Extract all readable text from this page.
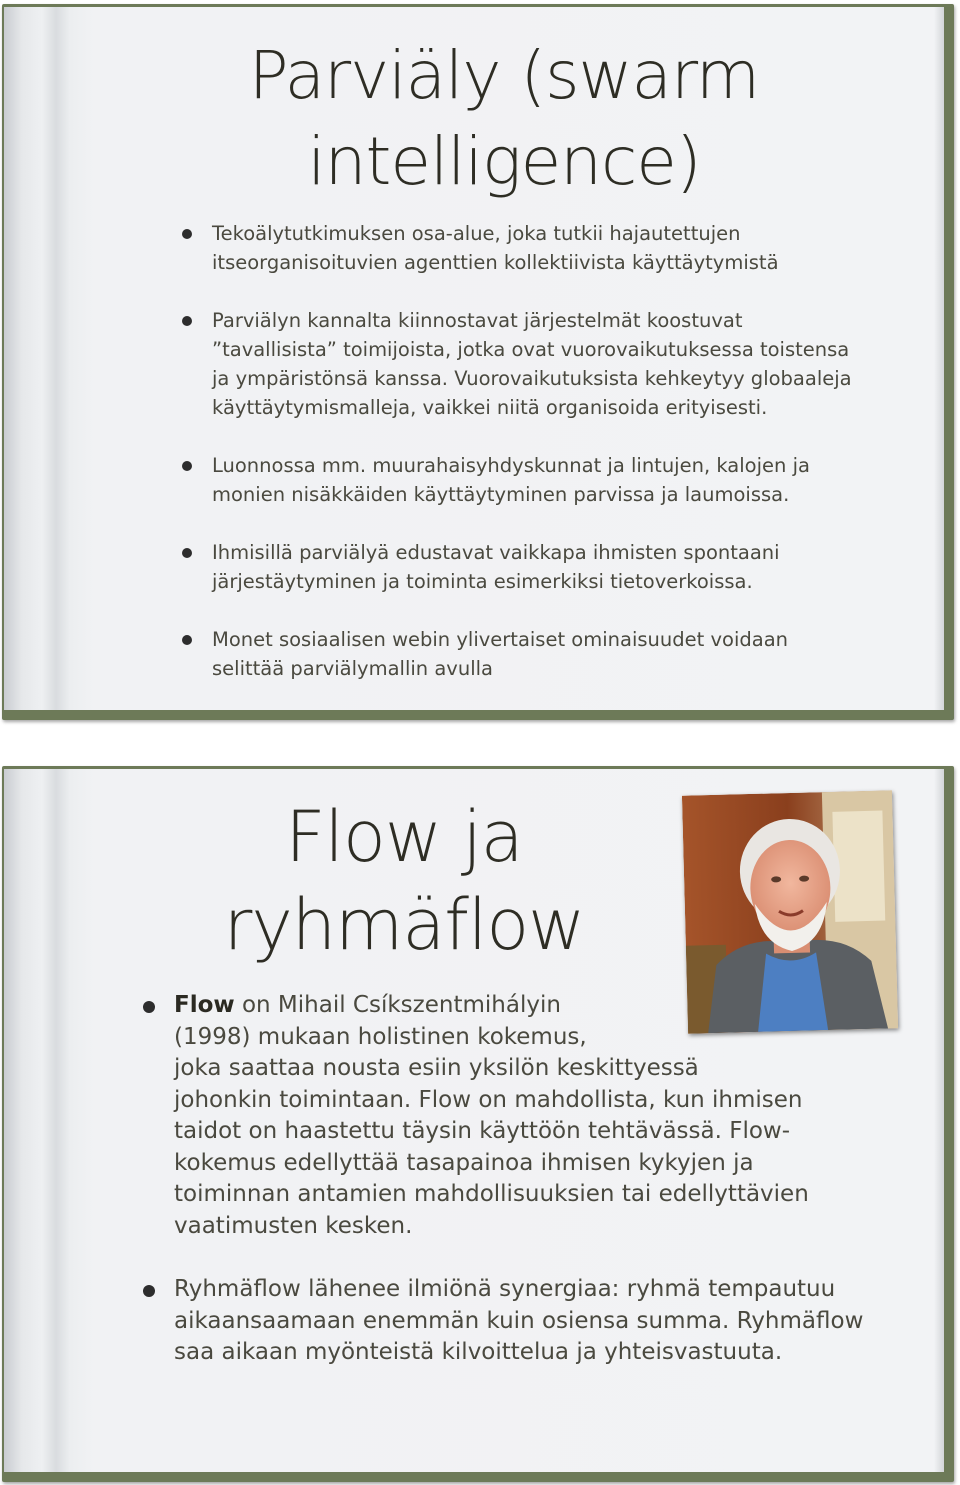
Parviäly (swarm
intelligence)
Tekoälytutkimuksen osa-alue, joka tutkii hajautettujen
itseorganisoituvien agenttien kollektiivista käyttäytymistä
Parviälyn kannalta kiinnostavat järjestelmät koostuvat
”tavallisista” toimijoista, jotka ovat vuorovaikutuksessa toistensa
ja ympäristönsä kanssa. Vuorovaikutuksista kehkeytyy globaaleja
käyttäytymismalleja, vaikkei niitä organisoida erityisesti.
Luonnossa mm. muurahaisyhdyskunnat ja lintujen, kalojen ja
monien nisäkkäiden käyttäytyminen parvissa ja laumoissa.
Ihmisillä parviälyä edustavat vaikkapa ihmisten spontaani
järjestäytyminen ja toiminta esimerkiksi tietoverkoissa.
Monet sosiaalisen webin ylivertaiset ominaisuudet voidaan
selittää parviälymallin avulla
Flow ja
ryhmäflow
Flow on Mihail Csíkszentmihályin
(1998) mukaan holistinen kokemus,
joka saattaa nousta esiin yksilön keskittyessä
johonkin toimintaan. Flow on mahdollista, kun ihmisen
taidot on haastettu täysin käyttöön tehtävässä. Flow-
kokemus edellyttää tasapainoa ihmisen kykyjen ja
toiminnan antamien mahdollisuuksien tai edellyttävien
vaatimusten kesken.
Ryhmäflow lähenee ilmiönä synergiaa: ryhmä tempautuu
aikaansaamaan enemmän kuin osiensa summa. Ryhmäflow
saa aikaan myönteistä kilvoittelua ja yhteisvastuuta.
